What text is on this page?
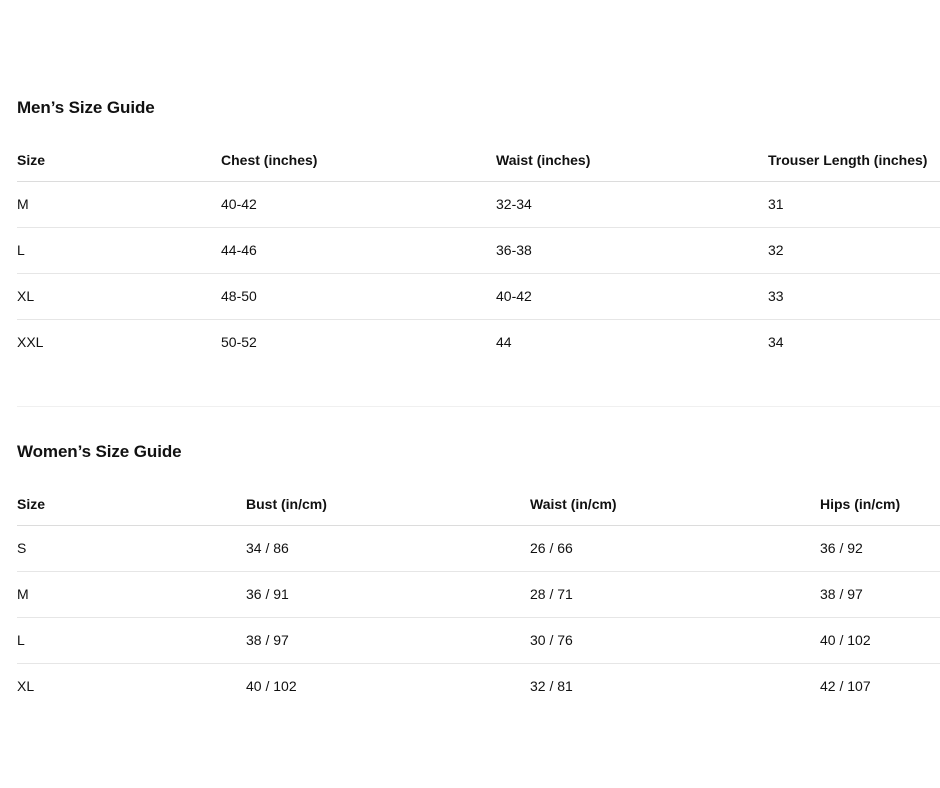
Men’s Size Guide
Size	Chest (inches)	Waist (inches)	Trouser Length (inches)
M	40-42	32-34	31
L	44-46	36-38	32
XL	48-50	40-42	33
XXL	50-52	44	34
Women’s Size Guide
Size	Bust (in/cm)	Waist (in/cm)	Hips (in/cm)
S	34 / 86	26 / 66	36 / 92
M	36 / 91	28 / 71	38 / 97
L	38 / 97	30 / 76	40 / 102
XL	40 / 102	32 / 81	42 / 107
